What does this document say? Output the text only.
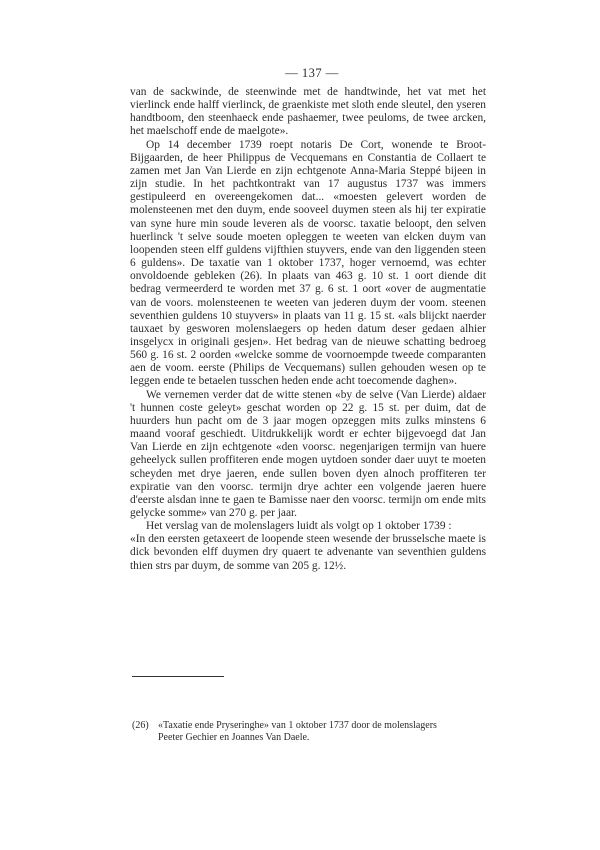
— 137 —

van de sackwinde, de steenwinde met de handtwinde, het vat met het vierlinck ende halff vierlinck, de graenkiste met sloth ende sleutel, den yseren handtboom, den steenhaeck ende pashaemer, twee peuloms, de twee arcken, het maelschoff ende de maelgote».

Op 14 december 1739 roept notaris De Cort, wonende te Broot-Bijgaarden, de heer Philippus de Vecquemans en Constantia de Collaert te zamen met Jan Van Lierde en zijn echtgenote Anna-Maria Steppé bijeen in zijn studie. In het pachtkontrakt van 17 augustus 1737 was immers gestipuleerd en overeengekomen dat... «moesten gelevert worden de molensteenen met den duym, ende sooveel duymen steen als hij ter expiratie van syne hure min soude leveren als de voorsc. taxatie beloopt, den selven huerlinck 't selve soude moeten opleggen te weeten van elcken duym van loopenden steen elff guldens vijfthien stuyvers, ende van den liggenden steen 6 guldens». De taxatie van 1 oktober 1737, hoger vernoemd, was echter onvoldoende gebleken (26). In plaats van 463 g. 10 st. 1 oort diende dit bedrag vermeerderd te worden met 37 g. 6 st. 1 oort «over de augmentatie van de voors. molensteenen te weeten van jederen duym der voom. steenen seventhien guldens 10 stuyvers» in plaats van 11 g. 15 st. «als blijckt naerder tauxaet by gesworen molenslaegers op heden datum deser gedaen alhier insgelycx in originali gesjen». Het bedrag van de nieuwe schatting bedroeg 560 g. 16 st. 2 oorden «welcke somme de voornoempde tweede comparanten aen de voom. eerste (Philips de Vecquemans) sullen gehouden wesen op te leggen ende te betaelen tusschen heden ende acht toecomende daghen».

We vernemen verder dat de witte stenen «by de selve (Van Lierde) aldaer 't hunnen coste geleyt» geschat worden op 22 g. 15 st. per duim, dat de huurders hun pacht om de 3 jaar mogen opzeggen mits zulks minstens 6 maand vooraf geschiedt. Uitdrukkelijk wordt er echter bijgevoegd dat Jan Van Lierde en zijn echtgenote «den voorsc. negenjarigen termijn van huere geheelyck sullen proffiteren ende mogen uytdoen sonder daer uuyt te moeten scheyden met drye jaeren, ende sullen boven dyen alnoch proffiteren ter expiratie van den voorsc. termijn drye achter een volgende jaeren huere d'eerste alsdan inne te gaen te Bamisse naer den voorsc. termijn om ende mits gelycke somme» van 270 g. per jaar.

Het verslag van de molenslagers luidt als volgt op 1 oktober 1739 :

«In den eersten getaxeert de loopende steen wesende der brusselsche maete is dick bevonden elff duymen dry quaert te advenante van seventhien guldens thien strs par duym, de somme van 205 g. 12½.

(26) «Taxatie ende Pryseringhe» van 1 oktober 1737 door de molenslagers
Peeter Gechier en Joannes Van Daele.
